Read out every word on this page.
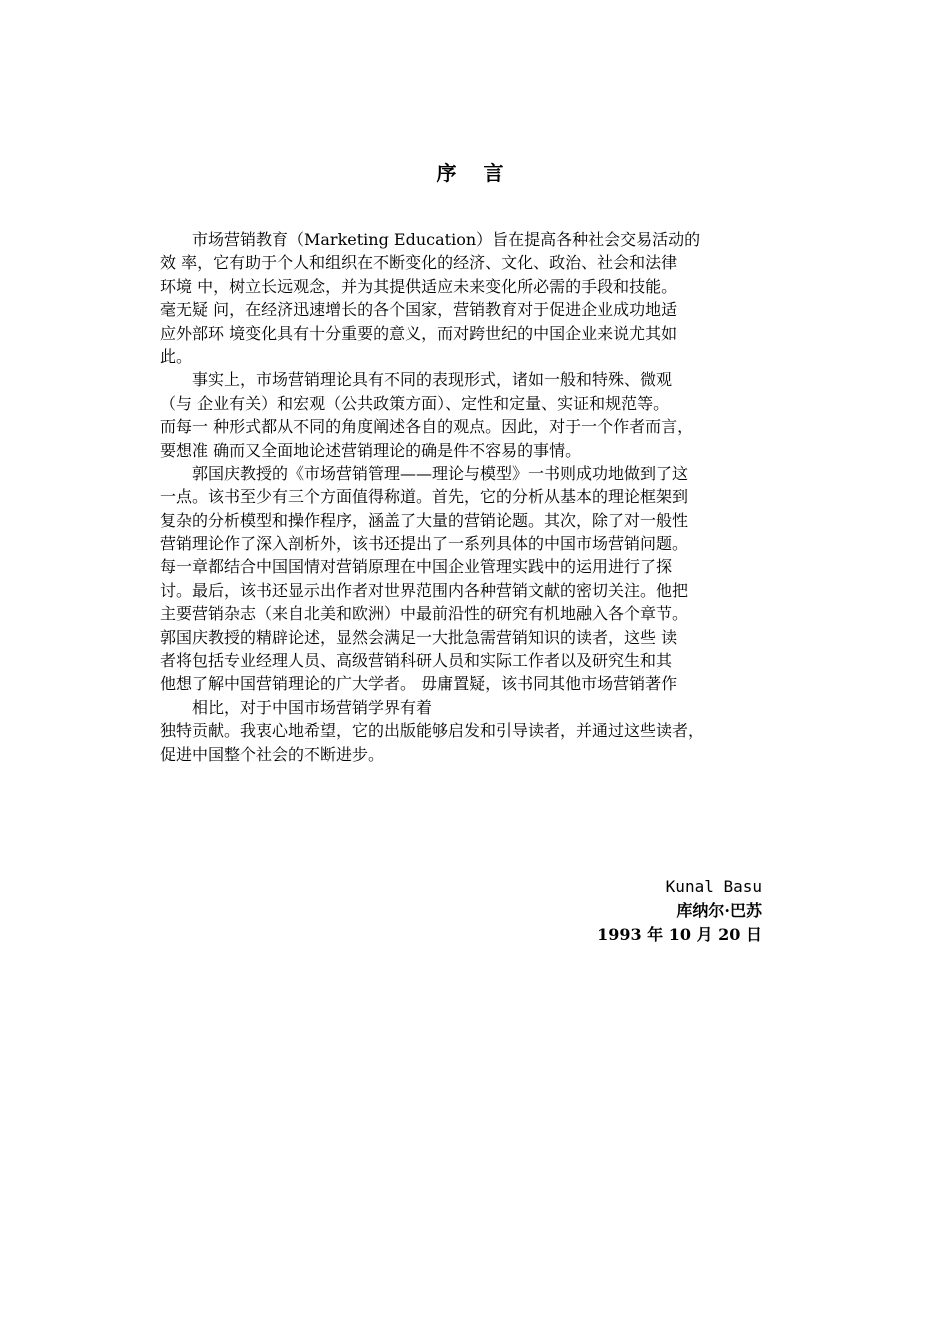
序 言
　　市场营销教育（Marketing Education）旨在提高各种社会交易活动的
效 率，它有助于个人和组织在不断变化的经济、文化、政治、社会和法律
环境 中，树立长远观念，并为其提供适应未来变化所必需的手段和技能。
毫无疑 问，在经济迅速增长的各个国家，营销教育对于促进企业成功地适
应外部环 境变化具有十分重要的意义，而对跨世纪的中国企业来说尤其如
此。
　　事实上，市场营销理论具有不同的表现形式，诸如一般和特殊、微观
（与 企业有关）和宏观（公共政策方面）、定性和定量、实证和规范等。
而每一 种形式都从不同的角度阐述各自的观点。因此，对于一个作者而言，
要想准 确而又全面地论述营销理论的确是件不容易的事情。
　　郭国庆教授的《市场营销管理——理论与模型》一书则成功地做到了这
一点。该书至少有三个方面值得称道。首先，它的分析从基本的理论框架到
复杂的分析模型和操作程序，涵盖了大量的营销论题。其次，除了对一般性
营销理论作了深入剖析外，该书还提出了一系列具体的中国市场营销问题。
每一章都结合中国国情对营销原理在中国企业管理实践中的运用进行了探
讨。最后，该书还显示出作者对世界范围内各种营销文献的密切关注。他把
主要营销杂志（来自北美和欧洲）中最前沿性的研究有机地融入各个章节。
郭国庆教授的精辟论述，显然会满足一大批急需营销知识的读者，这些 读
者将包括专业经理人员、高级营销科研人员和实际工作者以及研究生和其
他想了解中国营销理论的广大学者。 毋庸置疑，该书同其他市场营销著作
　　相比，对于中国市场营销学界有着
独特贡献。我衷心地希望，它的出版能够启发和引导读者，并通过这些读者，
促进中国整个社会的不断进步。
Kunal Basu
库纳尔·巴苏
1993 年 10 月 20 日
